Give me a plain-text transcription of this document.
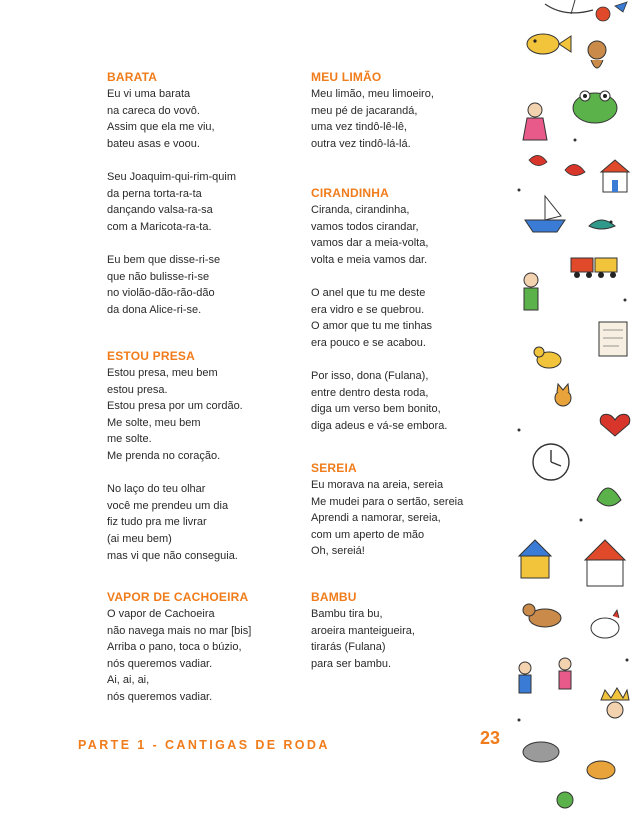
BARATA
Eu vi uma barata
na careca do vovô.
Assim que ela me viu,
bateu asas e voou.
Seu Joaquim-qui-rim-quim
da perna torta-ra-ta
dançando valsa-ra-sa
com a Maricota-ra-ta.
Eu bem que disse-ri-se
que não bulisse-ri-se
no violão-dão-rão-dão
da dona Alice-ri-se.
ESTOU PRESA
Estou presa, meu bem
estou presa.
Estou presa por um cordão.
Me solte, meu bem
me solte.
Me prenda no coração.
No laço do teu olhar
você me prendeu um dia
fiz tudo pra me livrar
(ai meu bem)
mas vi que não conseguia.
VAPOR DE CACHOEIRA
O vapor de Cachoeira
não navega mais no mar [bis]
Arriba o pano, toca o búzio,
nós queremos vadiar.
Ai, ai, ai,
nós queremos vadiar.
MEU LIMÃO
Meu limão, meu limoeiro,
meu pé de jacarandá,
uma vez tindô-lê-lê,
outra vez tindô-lá-lá.
CIRANDINHA
Ciranda, cirandinha,
vamos todos cirandar,
vamos dar a meia-volta,
volta e meia vamos dar.
O anel que tu me deste
era vidro e se quebrou.
O amor que tu me tinhas
era pouco e se acabou.
Por isso, dona (Fulana),
entre dentro desta roda,
diga um verso bem bonito,
diga adeus e vá-se embora.
SEREIA
Eu morava na areia, sereia
Me mudei para o sertão, sereia
Aprendi a namorar, sereia,
com um aperto de mão
Oh, sereiá!
BAMBU
Bambu tira bu,
aroeira manteigueira,
tirarás (Fulana)
para ser bambu.
PARTE 1 - CANTIGAS DE RODA	23
